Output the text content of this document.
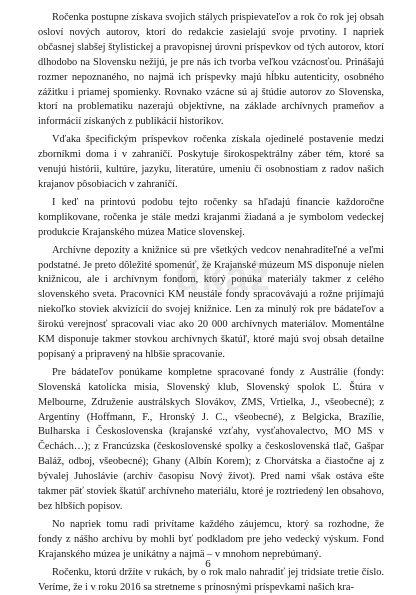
Ročenka postupne získava svojich stálych prispievateľov a rok čo rok jej obsah osloví nových autorov, ktorí do redakcie zasielajú svoje prvotiny. I napriek občasnej slabšej štylistickej a pravopisnej úrovni príspevkov od tých autorov, ktorí dlhodobo na Slovensku nežijú, je pre nás ich tvorba veľkou vzácnosťou. Prinášajú rozmer nepoznaného, no najmä ich príspevky majú hĺbku autenticity, osobného zážitku i priamej spomienky. Rovnako vzácne sú aj štúdie autorov zo Slovenska, ktorí na problematiku nazerajú objektívne, na základe archívnych prameňov a informácií získaných z publikácií historikov.

Vďaka špecifickým príspevkov ročenka získala ojedinelé postavenie medzi zborníkmi doma i v zahraničí. Poskytuje širokospektrálny záber tém, ktoré sa venujú histórii, kultúre, jazyku, literatúre, umeniu či osobnostiam z radov našich krajanov pôsobiacich v zahraničí.

I keď na printovú podobu tejto ročenky sa hľadajú financie každoročne komplikovane, ročenka je stále medzi krajanmi žiadaná a je symbolom vedeckej produkcie Krajanského múzea Matice slovenskej.

Archívne depozity a knižnice sú pre všetkých vedcov nenahraditeľné a veľmi podstatné. Je preto dôležité spomenúť, že Krajanské múzeum MS disponuje nielen knižnicou, ale i archívnym fondom, ktorý ponúka materiály takmer z celého slovenského sveta. Pracovníci KM neustále fondy spracovávajú a rožne prijímajú niekoľko stoviek akvizícií do svojej knižnice. Len za minulý rok pre bádateľov a širokú verejnosť spracovali viac ako 20 000 archívnych materiálov. Momentálne KM disponuje takmer stovkou archívnych škatúľ, ktoré majú svoj obsah detailne popísaný a pripravený na hlbšie spracovanie.

Pre bádateľov ponúkame kompletne spracované fondy z Austrálie (fondy: Slovenská katolícka misia, Slovenský klub, Slovenský spolok Ľ. Štúra v Melbourne, Združenie austrálskych Slovákov, ZMS, Vrtielka, J., všeobecné); z Argentíny (Hoffmann, F., Hronský J. C., všeobecné), z Belgicka, Brazílie, Bulharska i Československa (krajanské vzťahy, vysťahovalectvo, MO MS v Čechách…); z Francúzska (československé spolky a československá tlač, Gašpar Baláž, odboj, všeobecné); Ghany (Albín Korem); z Chorvátska a čiastočne aj z bývalej Juhoslávie (archív časopisu Nový život). Pred nami však ostáva ešte takmer päť stoviek škatúľ archívneho materiálu, ktoré je roztriedený len obsahovo, bez hlbších popisov.

No napriek tomu radi privítame každého záujemcu, ktorý sa rozhodne, že fondy z nášho archívu by mohli byť podkladom pre jeho vedecký výskum. Fond Krajanského múzea je unikátny a najmä – v mnohom neprebúmaný.

Ročenku, ktorú držíte v rukách, by o rok malo nahradiť jej tridsiate tretie číslo. Veríme, že i v roku 2016 sa stretneme s prínosnými príspevkami našich kra-

ukáž
6
